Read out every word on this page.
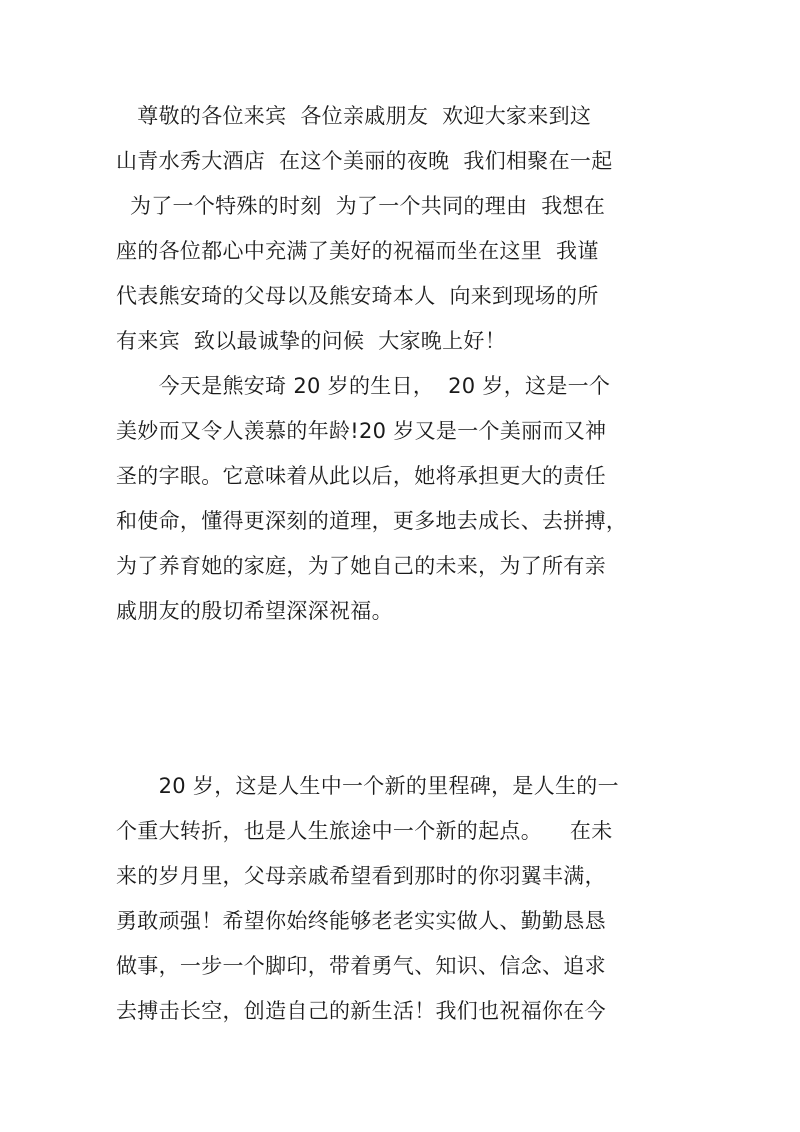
　尊敬的各位来宾  各位亲戚朋友  欢迎大家来到这
山青水秀大酒店  在这个美丽的夜晚  我们相聚在一起
为了一个特殊的时刻  为了一个共同的理由  我想在
座的各位都心中充满了美好的祝福而坐在这里  我谨
代表熊安琦的父母以及熊安琦本人  向来到现场的所
有来宾  致以最诚挚的问候  大家晚上好！
　　今天是熊安琦 20 岁的生日，  20 岁，这是一个
美妙而又令人羡慕的年龄!20 岁又是一个美丽而又神
圣的字眼。它意味着从此以后，她将承担更大的责任
和使命，懂得更深刻的道理，更多地去成长、去拼搏，
为了养育她的家庭，为了她自己的未来，为了所有亲
戚朋友的殷切希望深深祝福。
　　20 岁，这是人生中一个新的里程碑，是人生的一
个重大转折，也是人生旅途中一个新的起点。    在未
来的岁月里，父母亲戚希望看到那时的你羽翼丰满，
勇敢顽强！希望你始终能够老老实实做人、勤勤恳恳
做事，一步一个脚印，带着勇气、知识、信念、追求
去搏击长空，创造自己的新生活！我们也祝福你在今
